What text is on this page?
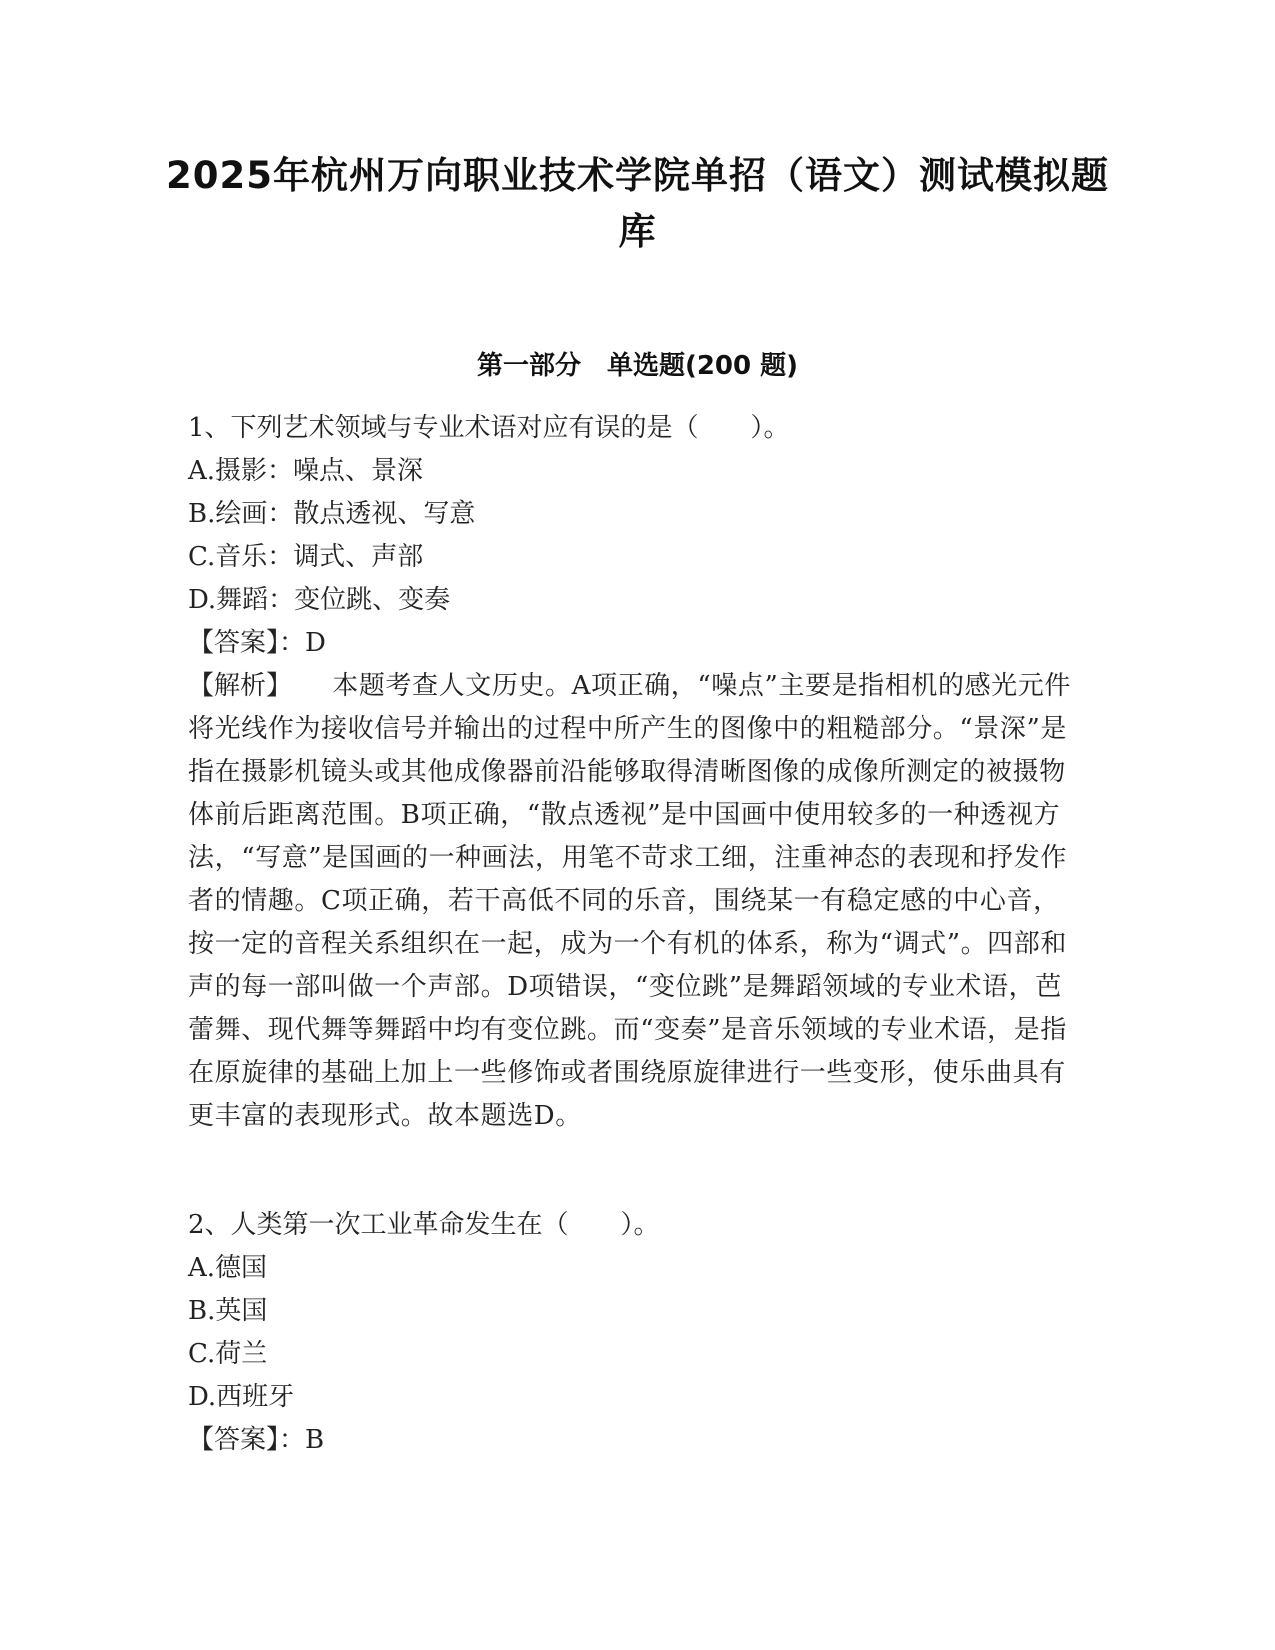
2025年杭州万向职业技术学院单招（语文）测试模拟题库
第一部分　单选题(200 题)
1、下列艺术领域与专业术语对应有误的是（　　）。
A.摄影：噪点、景深
B.绘画：散点透视、写意
C.音乐：调式、声部
D.舞蹈：变位跳、变奏
【答案】：D
【解析】   本题考查人文历史。A项正确，“噪点”主要是指相机的感光元件将光线作为接收信号并输出的过程中所产生的图像中的粗糙部分。“景深”是指在摄影机镜头或其他成像器前沿能够取得清晰图像的成像所测定的被摄物体前后距离范围。B项正确，“散点透视”是中国画中使用较多的一种透视方法，“写意”是国画的一种画法，用笔不苛求工细，注重神态的表现和抒发作者的情趣。C项正确，若干高低不同的乐音，围绕某一有稳定感的中心音，按一定的音程关系组织在一起，成为一个有机的体系，称为“调式”。四部和声的每一部叫做一个声部。D项错误，“变位跳”是舞蹈领域的专业术语，芭蕾舞、现代舞等舞蹈中均有变位跳。而“变奏”是音乐领域的专业术语，是指在原旋律的基础上加上一些修饰或者围绕原旋律进行一些变形，使乐曲具有更丰富的表现形式。故本题选D。
2、人类第一次工业革命发生在（　　）。
A.德国
B.英国
C.荷兰
D.西班牙
【答案】：B
